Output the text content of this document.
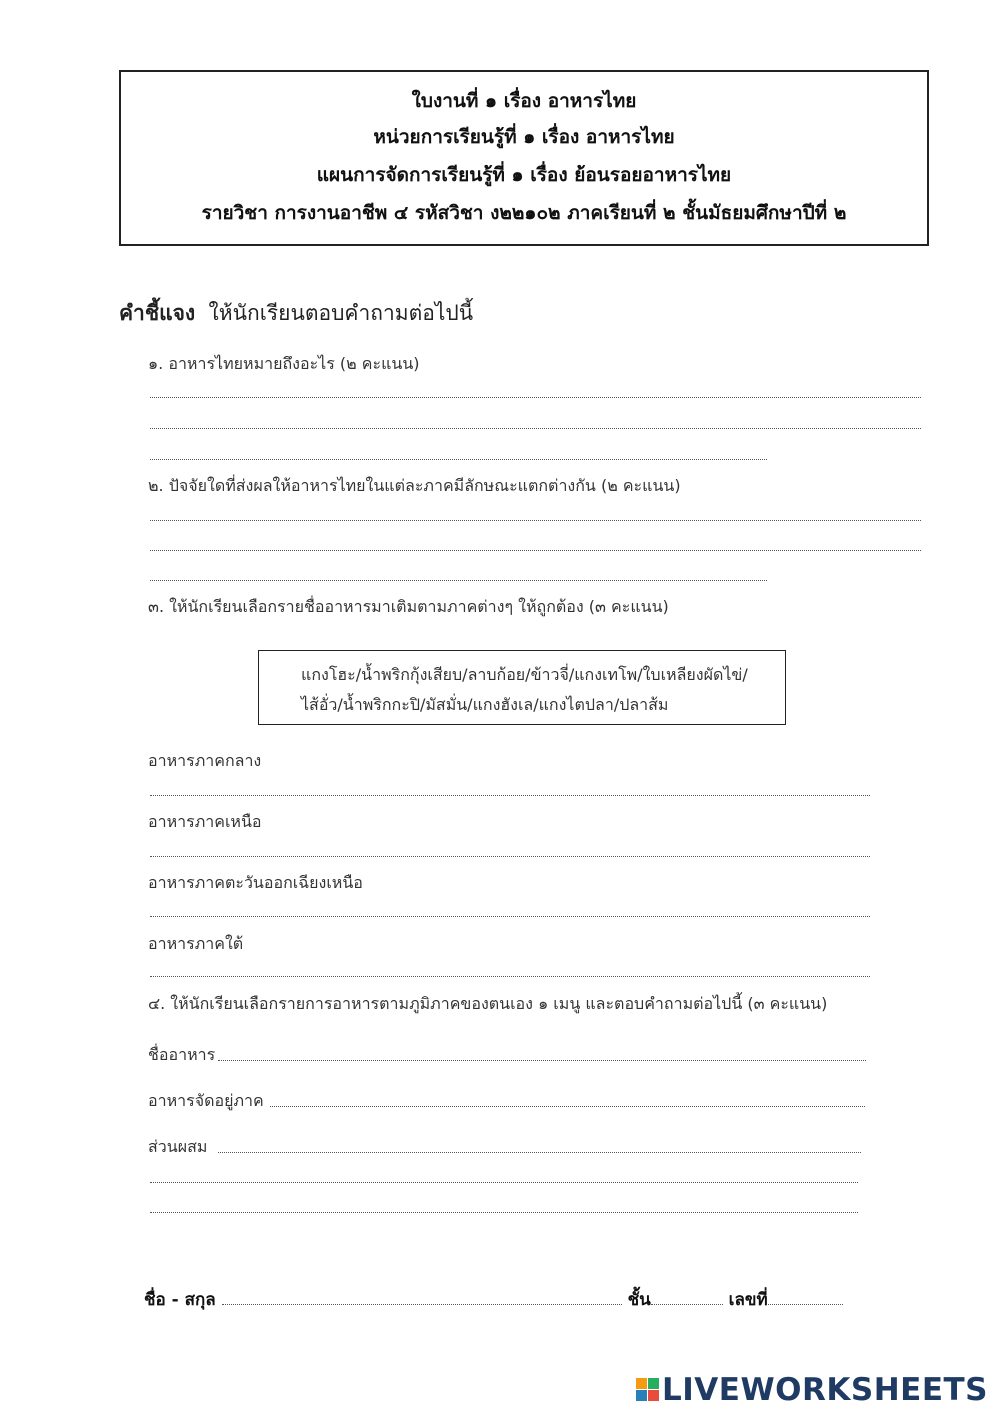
ใบงานที่ ๑ เรื่อง อาหารไทย
หน่วยการเรียนรู้ที่ ๑ เรื่อง อาหารไทย
แผนการจัดการเรียนรู้ที่ ๑ เรื่อง ย้อนรอยอาหารไทย
รายวิชา การงานอาชีพ ๔ รหัสวิชา ง๒๒๑๐๒ ภาคเรียนที่ ๒ ชั้นมัธยมศึกษาปีที่ ๒
คำชี้แจง ให้นักเรียนตอบคำถามต่อไปนี้
๑. อาหารไทยหมายถึงอะไร (๒ คะแนน)
๒. ปัจจัยใดที่ส่งผลให้อาหารไทยในแต่ละภาคมีลักษณะแตกต่างกัน (๒ คะแนน)
๓. ให้นักเรียนเลือกรายชื่ออาหารมาเติมตามภาคต่างๆ ให้ถูกต้อง (๓ คะแนน)
แกงโฮะ/น้ำพริกกุ้งเสียบ/ลาบก้อย/ข้าวจี่/แกงเทโพ/ใบเหลียงผัดไข่/
ไส้อั่ว/น้ำพริกกะปิ/มัสมั่น/แกงฮังเล/แกงไตปลา/ปลาส้ม
อาหารภาคกลาง
อาหารภาคเหนือ
อาหารภาคตะวันออกเฉียงเหนือ
อาหารภาคใต้
๔. ให้นักเรียนเลือกรายการอาหารตามภูมิภาคของตนเอง ๑ เมนู และตอบคำถามต่อไปนี้ (๓ คะแนน)
ชื่ออาหาร
อาหารจัดอยู่ภาค
ส่วนผสม
ชื่อ - สกุล	ชั้น	เลขที่
LIVEWORKSHEETS
